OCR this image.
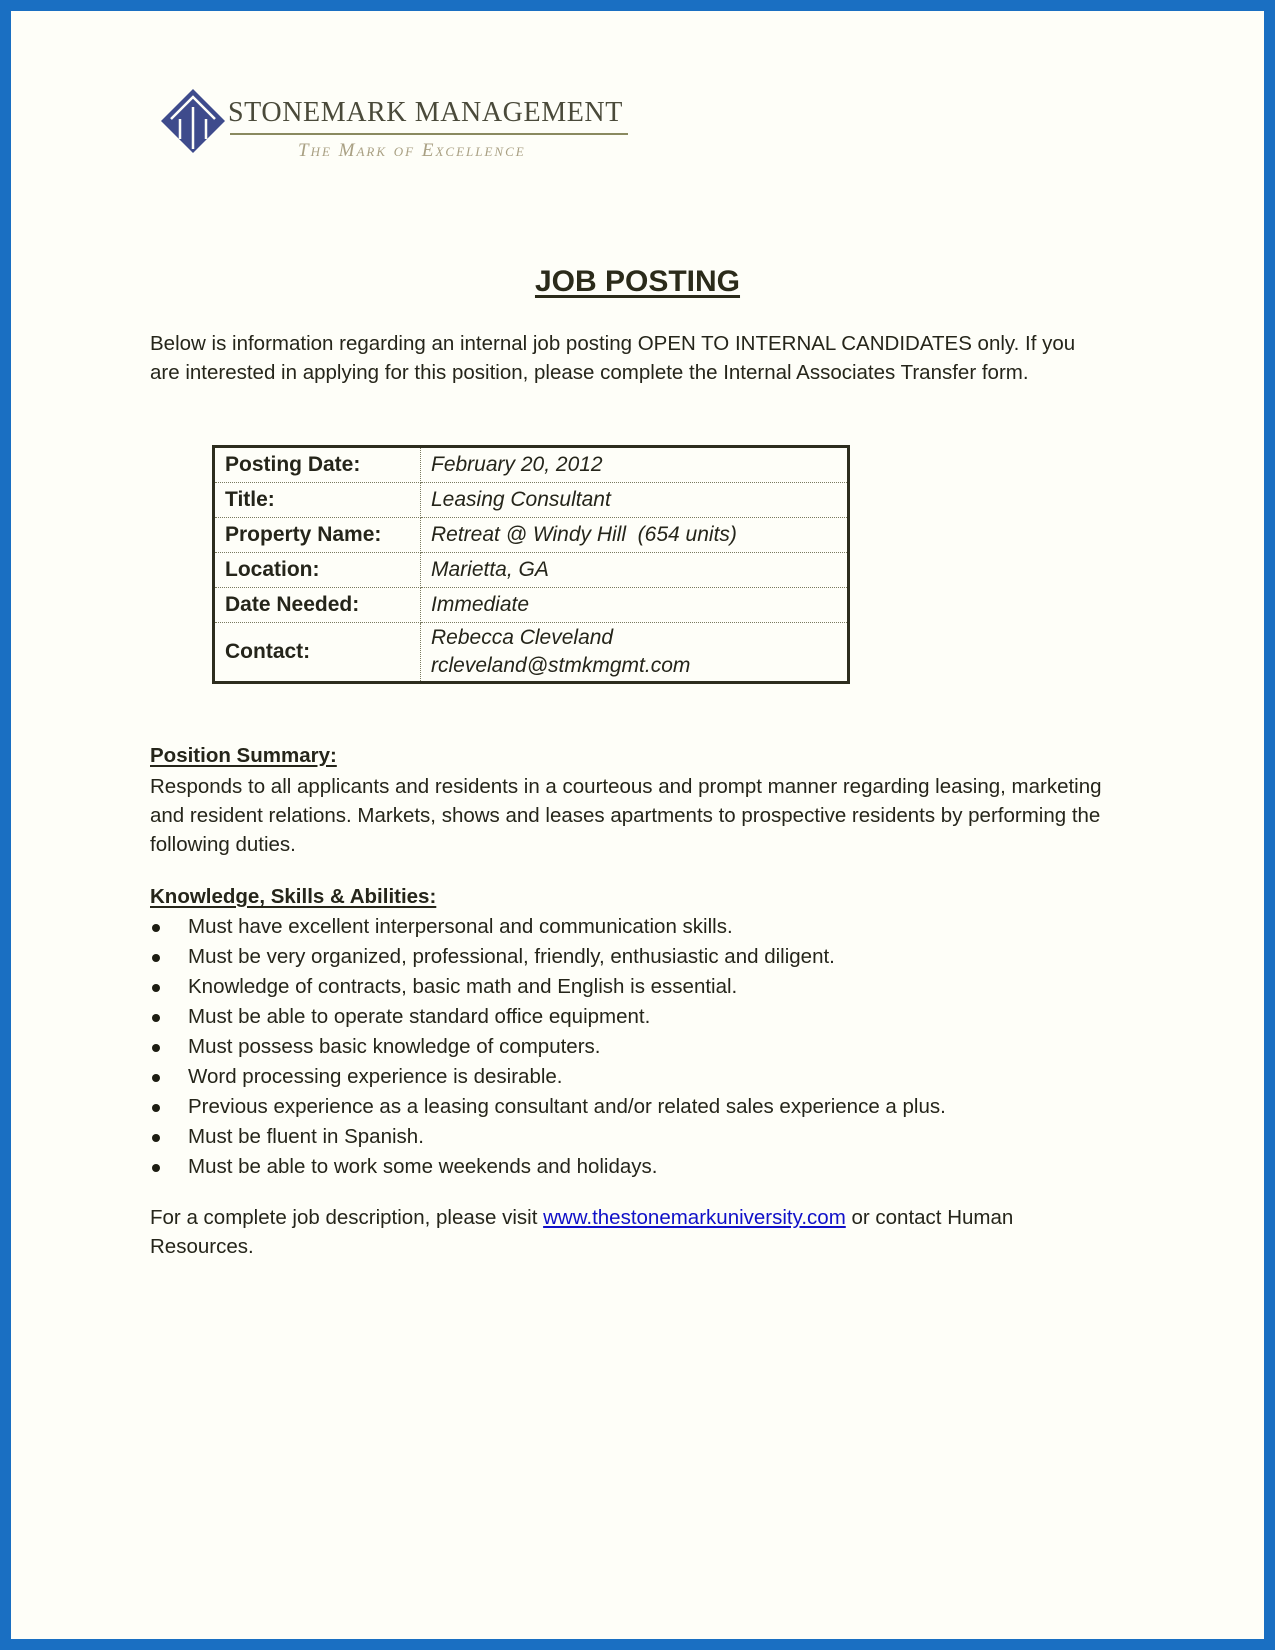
STONEMARK MANAGEMENT
The Mark of Excellence
JOB POSTING
Below is information regarding an internal job posting OPEN TO INTERNAL CANDIDATES only. If you are interested in applying for this position, please complete the Internal Associates Transfer form.
Posting Date:	February 20, 2012
Title:	Leasing Consultant
Property Name:	Retreat @ Windy Hill  (654 units)
Location:	Marietta, GA
Date Needed:	Immediate
Contact:	Rebecca Cleveland
rcleveland@stmkmgmt.com
Position Summary:
Responds to all applicants and residents in a courteous and prompt manner regarding leasing, marketing and resident relations. Markets, shows and leases apartments to prospective residents by performing the following duties.
Knowledge, Skills & Abilities:
Must have excellent interpersonal and communication skills.
Must be very organized, professional, friendly, enthusiastic and diligent.
Knowledge of contracts, basic math and English is essential.
Must be able to operate standard office equipment.
Must possess basic knowledge of computers.
Word processing experience is desirable.
Previous experience as a leasing consultant and/or related sales experience a plus.
Must be fluent in Spanish.
Must be able to work some weekends and holidays.
For a complete job description, please visit www.thestonemarkuniversity.com or contact Human Resources.
